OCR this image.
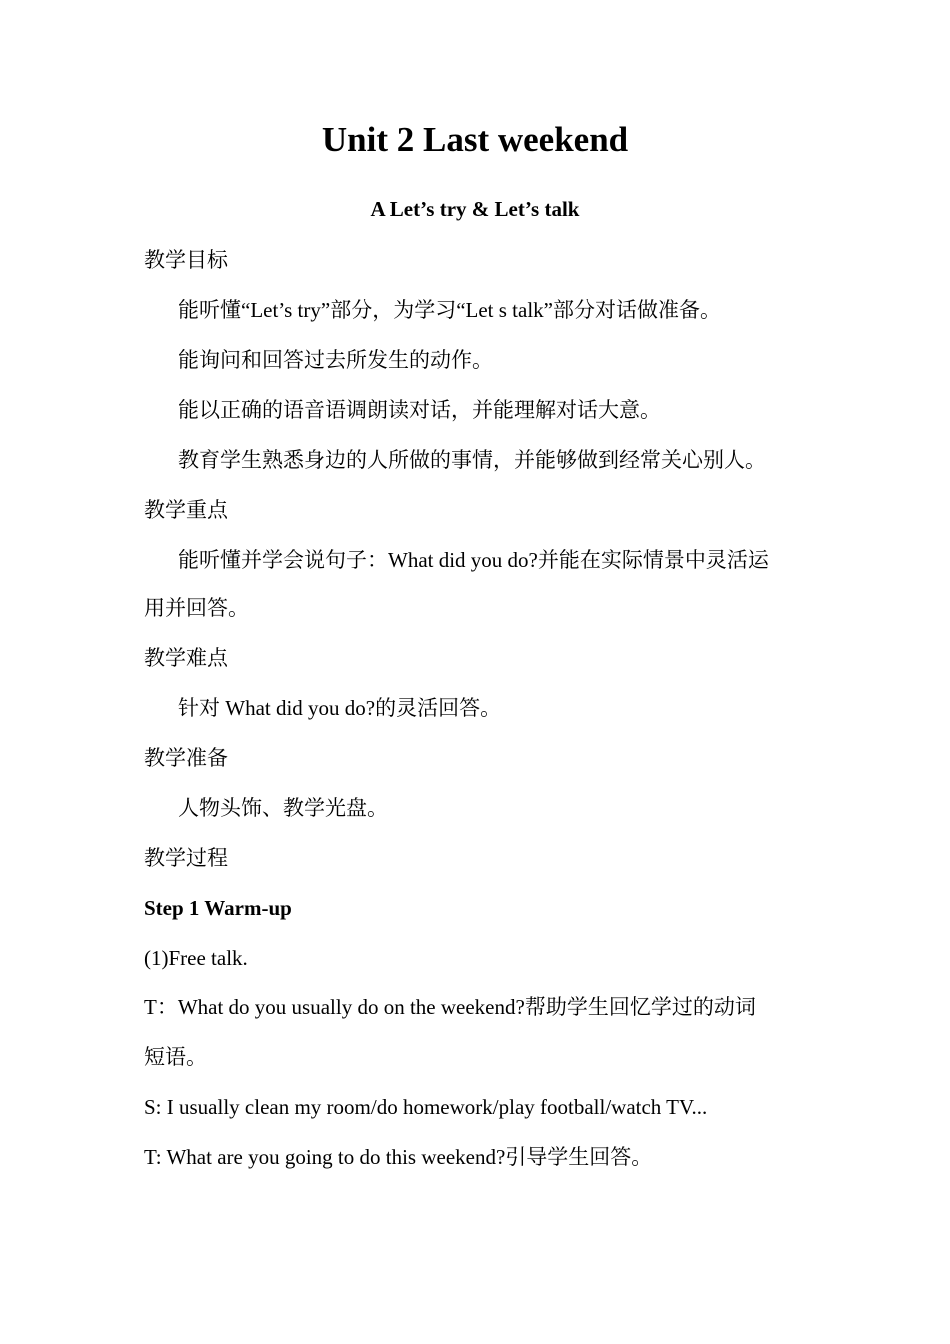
Unit 2 Last weekend
A Let’s try & Let’s talk
教学目标
能听懂“Let’s try”部分，为学习“Let s talk”部分对话做准备。
能询问和回答过去所发生的动作。
能以正确的语音语调朗读对话，并能理解对话大意。
教育学生熟悉身边的人所做的事情，并能够做到经常关心别人。
教学重点
能听懂并学会说句子：What did you do?并能在实际情景中灵活运
用并回答。
教学难点
针对 What did you do?的灵活回答。
教学准备
人物头饰、教学光盘。
教学过程
Step 1 Warm-up
(1)Free talk.
T：What do you usually do on the weekend?帮助学生回忆学过的动词
短语。
S: I usually clean my room/do homework/play football/watch TV...
T: What are you going to do this weekend?引导学生回答。
